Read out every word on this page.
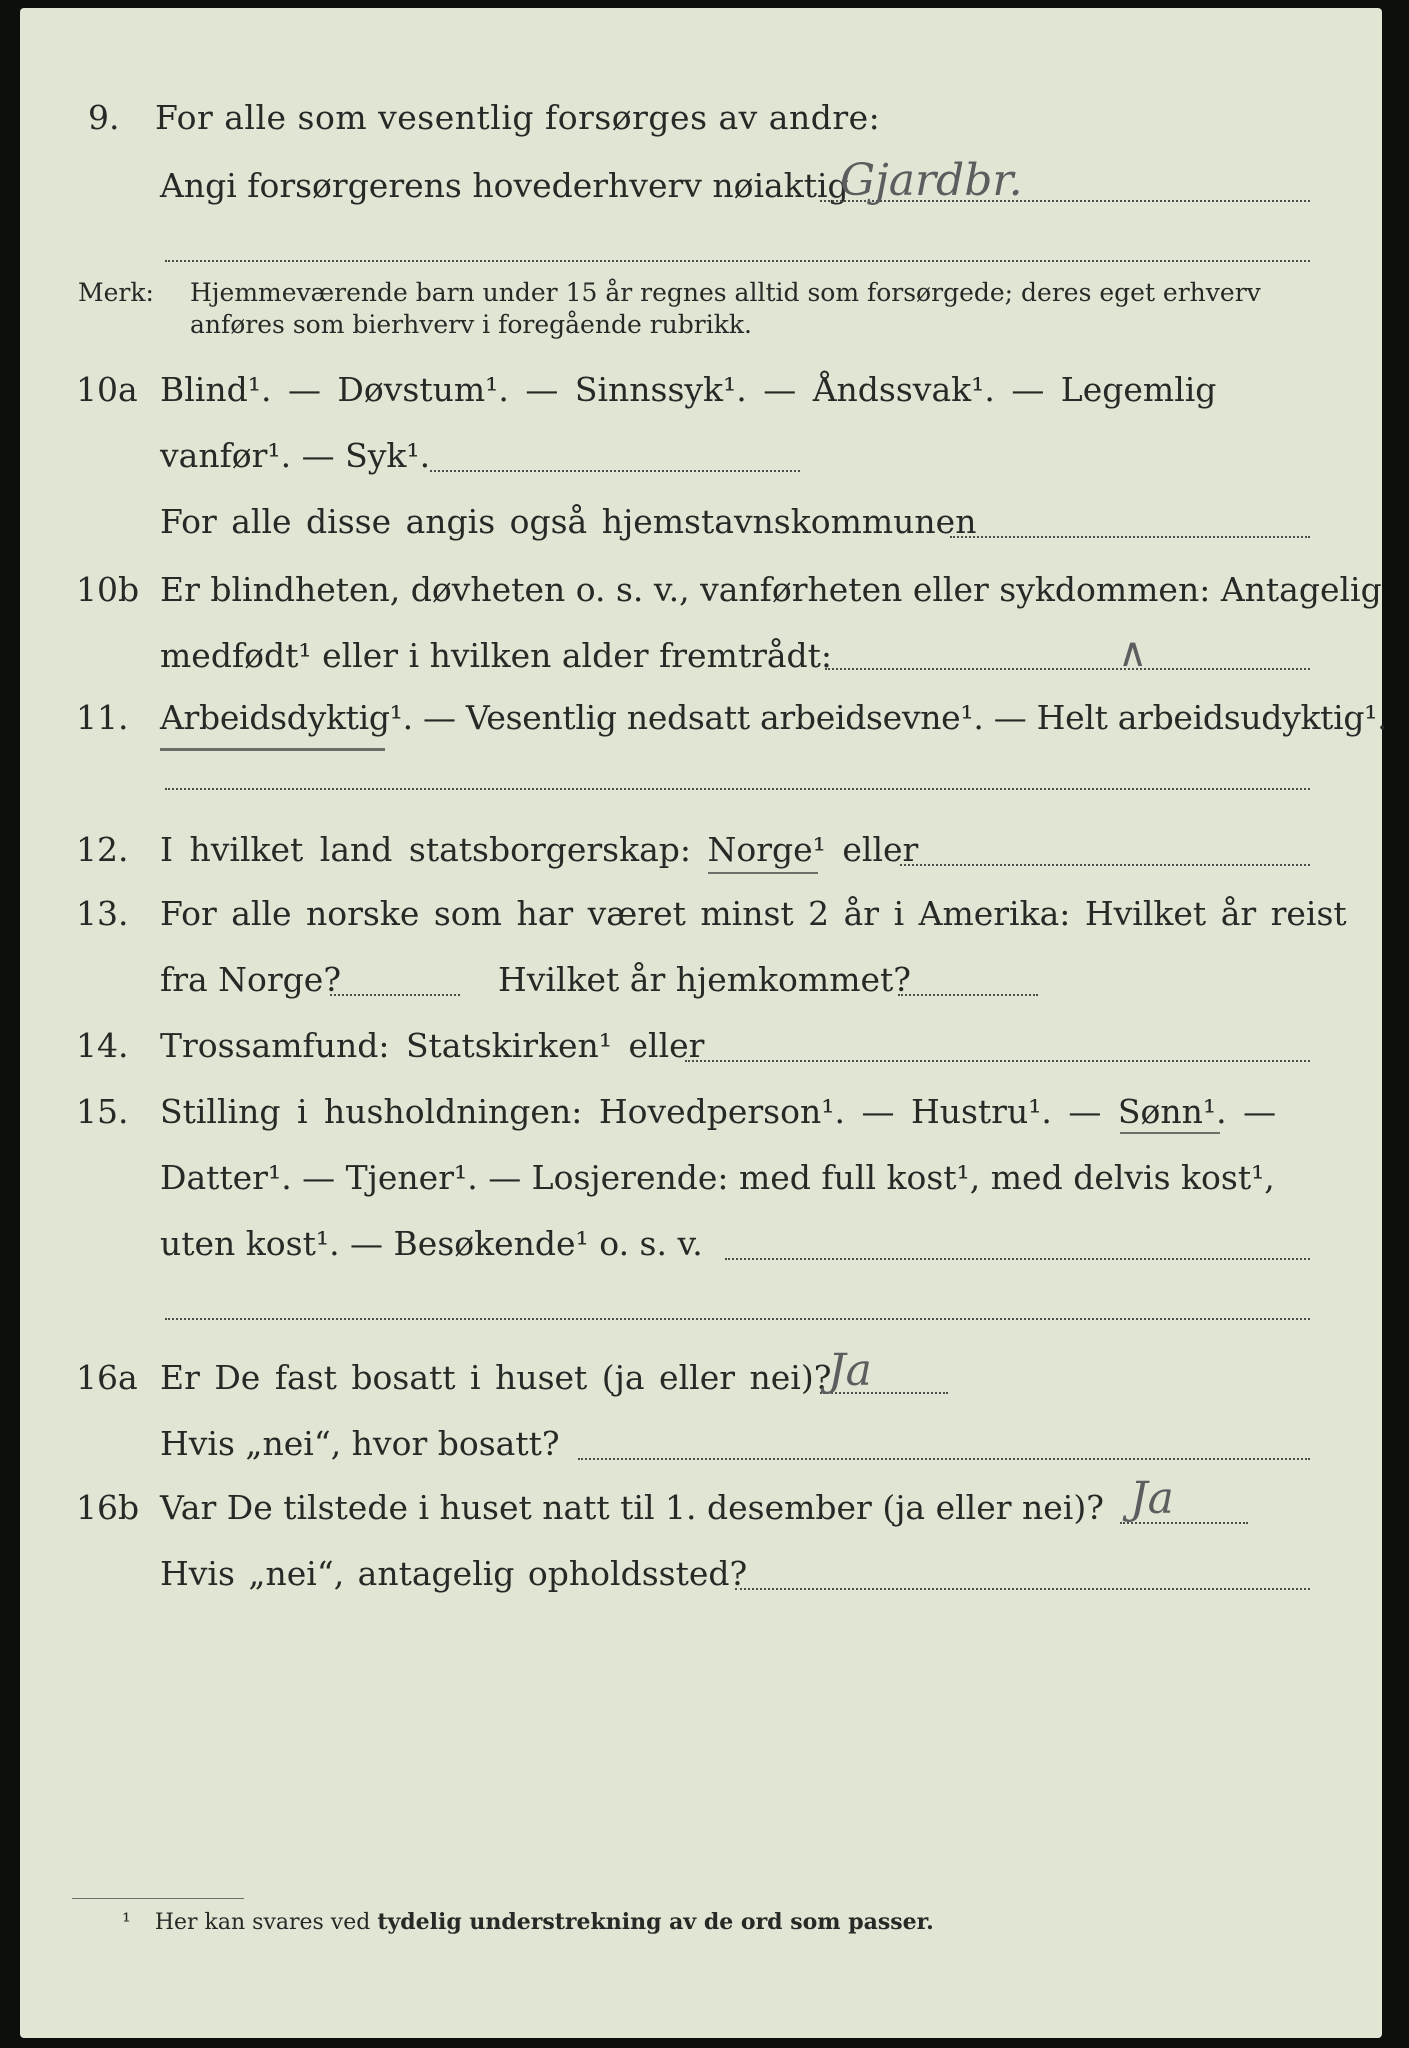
9. For alle som vesentlig forsørges av andre:
Angi forsørgerens hovederhverv nøiaktig
Gjardbr.
Merk: Hjemmeværende barn under 15 år regnes alltid som forsørgede; deres eget erhverv
anføres som bierhverv i foregående rubrikk.
10a Blind¹. — Døvstum¹. — Sinnssyk¹. — Åndssvak¹. — Legemlig
vanfør¹. — Syk¹.
For alle disse angis også hjemstavnskommunen
10b Er blindheten, døvheten o. s. v., vanførheten eller sykdommen: Antagelig
medfødt¹ eller i hvilken alder fremtrådt:	∧
11. Arbeidsdyktig¹. — Vesentlig nedsatt arbeidsevne¹. — Helt arbeidsudyktig¹.
12. I hvilket land statsborgerskap: Norge¹ eller
13. For alle norske som har været minst 2 år i Amerika: Hvilket år reist
fra Norge?	Hvilket år hjemkommet?
14. Trossamfund: Statskirken¹ eller
15. Stilling i husholdningen: Hovedperson¹. — Hustru¹. — Sønn¹. —
Datter¹. — Tjener¹. — Losjerende: med full kost¹, med delvis kost¹,
uten kost¹. — Besøkende¹ o. s. v.
16a Er De fast bosatt i huset (ja eller nei)?
Ja
Hvis „nei“, hvor bosatt?
16b Var De tilstede i huset natt til 1. desember (ja eller nei)? Ja
Hvis „nei“, antagelig opholdssted?
¹ Her kan svares ved tydelig understrekning av de ord som passer.
